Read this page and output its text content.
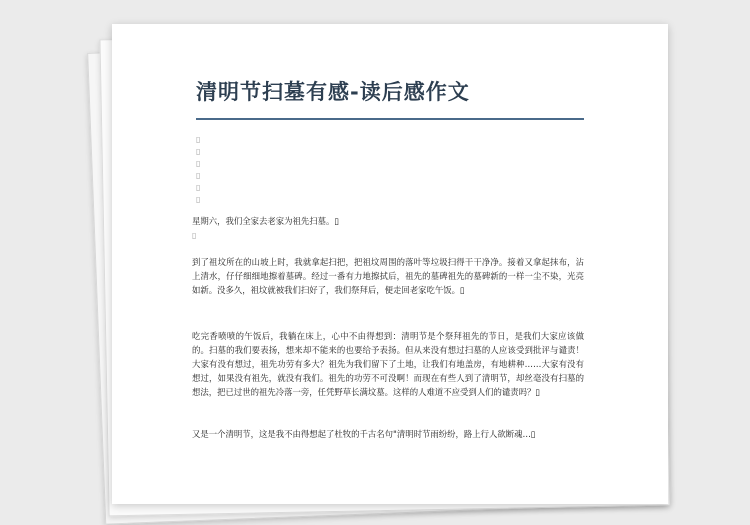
清明节扫墓有感-读后感作文
▯
▯
▯
▯
▯
▯
星期六，我们全家去老家为祖先扫墓。▯
▯
到了祖坟所在的山坡上时，我就拿起扫把，把祖坟周围的落叶等垃圾扫得干干净净。接着又拿起抹布，沾上清水，仔仔细细地擦着墓碑。经过一番有力地擦拭后，祖先的墓碑祖先的墓碑新的一样一尘不染，光亮如新。没多久，祖坟就被我们扫好了，我们祭拜后，便走回老家吃午饭。▯
吃完香喷喷的午饭后，我躺在床上，心中不由得想到：清明节是个祭拜祖先的节日，是我们大家应该做的。扫墓的我们要表扬，想来却不能来的也要给予表扬。但从来没有想过扫墓的人应该受到批评与谴责！大家有没有想过，祖先功劳有多大？祖先为我们留下了土地，让我们有地盖房，有地耕种……大家有没有想过，如果没有祖先，就没有我们。祖先的功劳不可没啊！而现在有些人到了清明节，却丝毫没有扫墓的想法，把已过世的祖先冷落一旁，任凭野草长满坟墓。这样的人难道不应受到人们的谴责吗？▯
又是一个清明节，这是我不由得想起了杜牧的千古名句"清明时节雨纷纷，路上行人欲断魂…▯
